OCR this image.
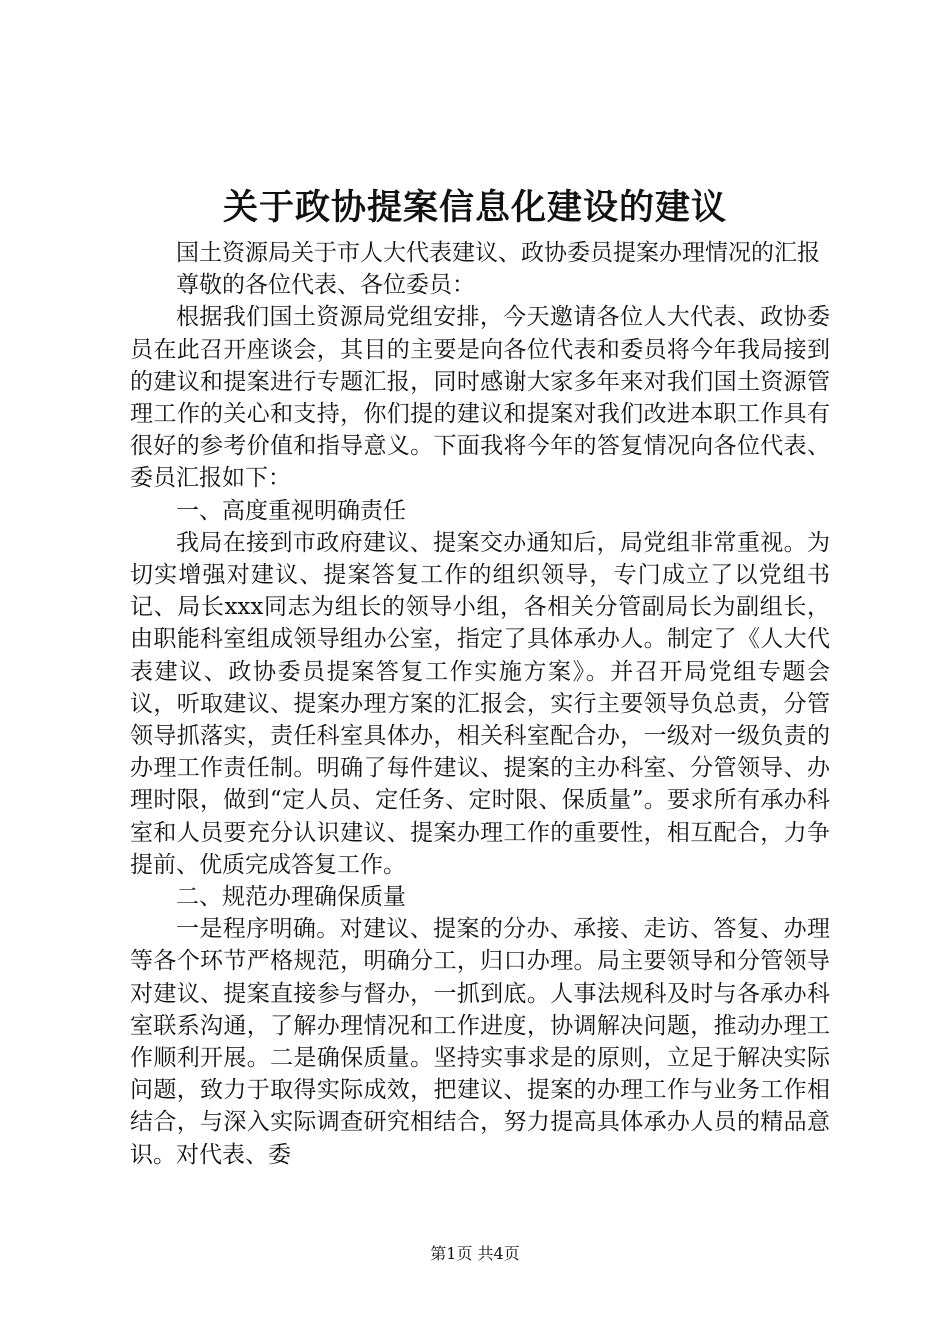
关于政协提案信息化建设的建议

国土资源局关于市人大代表建议、政协委员提案办理情况的汇报

尊敬的各位代表、各位委员：

根据我们国土资源局党组安排，今天邀请各位人大代表、政协委员在此召开座谈会，其目的主要是向各位代表和委员将今年我局接到的建议和提案进行专题汇报，同时感谢大家多年来对我们国土资源管理工作的关心和支持，你们提的建议和提案对我们改进本职工作具有很好的参考价值和指导意义。下面我将今年的答复情况向各位代表、委员汇报如下：

一、高度重视明确责任

我局在接到市政府建议、提案交办通知后，局党组非常重视。为切实增强对建议、提案答复工作的组织领导，专门成立了以党组书记、局长xxx同志为组长的领导小组，各相关分管副局长为副组长，由职能科室组成领导组办公室，指定了具体承办人。制定了《人大代表建议、政协委员提案答复工作实施方案》。并召开局党组专题会议，听取建议、提案办理方案的汇报会，实行主要领导负总责，分管领导抓落实，责任科室具体办，相关科室配合办，一级对一级负责的办理工作责任制。明确了每件建议、提案的主办科室、分管领导、办理时限，做到“定人员、定任务、定时限、保质量”。要求所有承办科室和人员要充分认识建议、提案办理工作的重要性，相互配合，力争提前、优质完成答复工作。

二、规范办理确保质量

一是程序明确。对建议、提案的分办、承接、走访、答复、办理等各个环节严格规范，明确分工，归口办理。局主要领导和分管领导对建议、提案直接参与督办，一抓到底。人事法规科及时与各承办科室联系沟通，了解办理情况和工作进度，协调解决问题，推动办理工作顺利开展。二是确保质量。坚持实事求是的原则，立足于解决实际问题，致力于取得实际成效，把建议、提案的办理工作与业务工作相结合，与深入实际调查研究相结合，努力提高具体承办人员的精品意识。对代表、委

第1页 共4页
